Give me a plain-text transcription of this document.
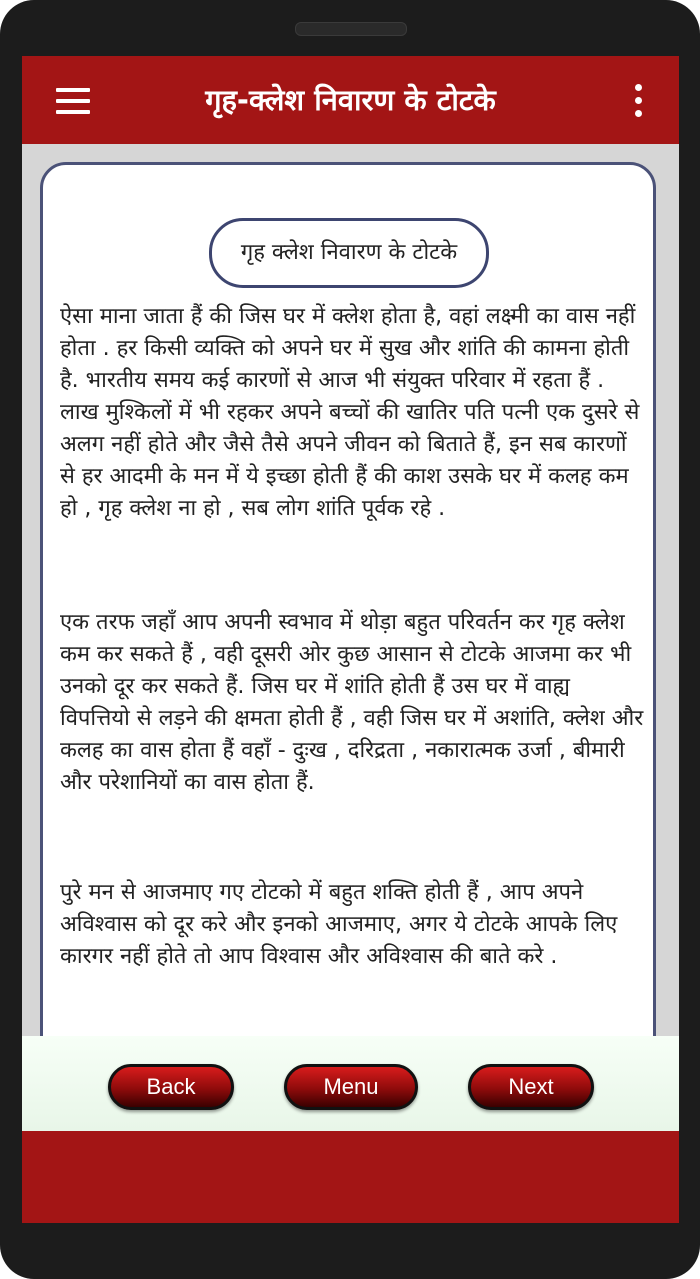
गृह-क्लेश निवारण के टोटके
गृह क्लेश निवारण के टोटके

ऐसा माना जाता हैं की जिस घर में क्लेश होता है, वहां लक्ष्मी का वास नहीं होता . हर किसी व्यक्ति को अपने घर में सुख और शांति की कामना होती है. भारतीय समय कई कारणों से आज भी संयुक्त परिवार में रहता हैं . लाख मुश्किलों में भी रहकर अपने बच्चों की खातिर पति पत्नी एक दुसरे से अलग नहीं होते और जैसे तैसे अपने जीवन को बिताते हैं, इन सब कारणों से हर आदमी के मन में ये इच्छा होती हैं की काश उसके घर में कलह कम हो , गृह क्लेश ना हो , सब लोग शांति पूर्वक रहे .

एक तरफ जहाँ आप अपनी स्वभाव में थोड़ा बहुत परिवर्तन कर गृह क्लेश कम कर सकते हैं , वही दूसरी ओर कुछ आसान से टोटके आजमा कर भी उनको दूर कर सकते हैं. जिस घर में शांति होती हैं उस घर में वाह्य विपत्तियो से लड़ने की क्षमता होती हैं , वही जिस घर में अशांति, क्लेश और कलह का वास होता हैं वहाँ - दुःख , दरिद्रता , नकारात्मक उर्जा , बीमारी और परेशानियों का वास होता हैं.

पुरे मन से आजमाए गए टोटको में बहुत शक्ति होती हैं , आप अपने अविश्वास को दूर करे और इनको आजमाए, अगर ये टोटके आपके लिए कारगर नहीं होते तो आप विश्वास और अविश्वास की बाते करे .

Back	Menu	Next
